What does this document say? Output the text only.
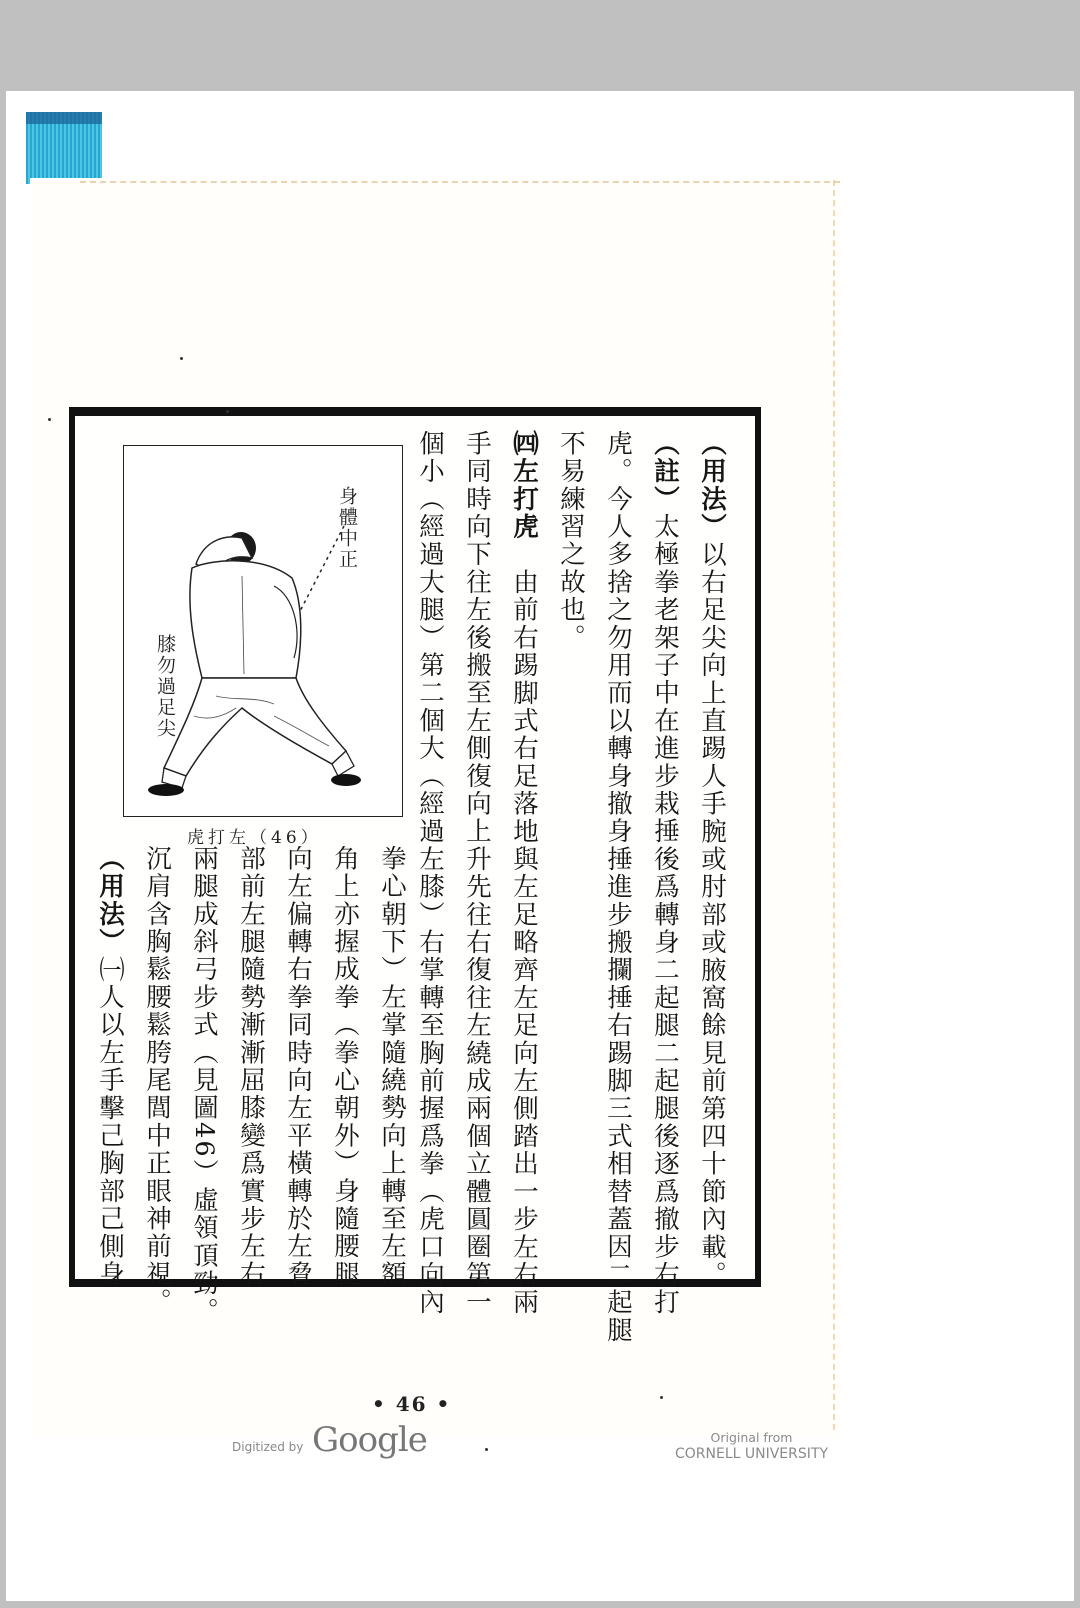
（用法）以右足尖向上直踢人手腕或肘部或腋窩餘見前第四十節內載。
（註）太極拳老架子中在進步栽捶後爲轉身二起腿二起腿後逐爲撤步右打
虎。今人多捨之勿用而以轉身撤身捶進步搬攔捶右踢脚三式相替蓋因二起腿
不易練習之故也。
㈣左打虎　由前右踢脚式右足落地與左足略齊左足向左側踏出一步左右兩
手同時向下往左後搬至左側復向上升先往右復往左繞成兩個立體圓圈第一
個小（經過大腿）第二個大（經過左膝）右掌轉至胸前握爲拳（虎口向內
拳心朝下）左掌隨繞勢向上轉至左額
角上亦握成拳（拳心朝外）身隨腰腿
向左偏轉右拳同時向左平橫轉於左脅
部前左腿隨勢漸漸屈膝變爲實步左右
兩腿成斜弓步式（見圖46）虛領頂勁。
沉肩含胸鬆腰鬆胯尾閭中正眼神前視。
（用法）㈠人以左手擊己胸部己側身
身體中正
膝勿過足尖
虎打左（46）
• 46 •
Digitized by Google	Original from
CORNELL UNIVERSITY
